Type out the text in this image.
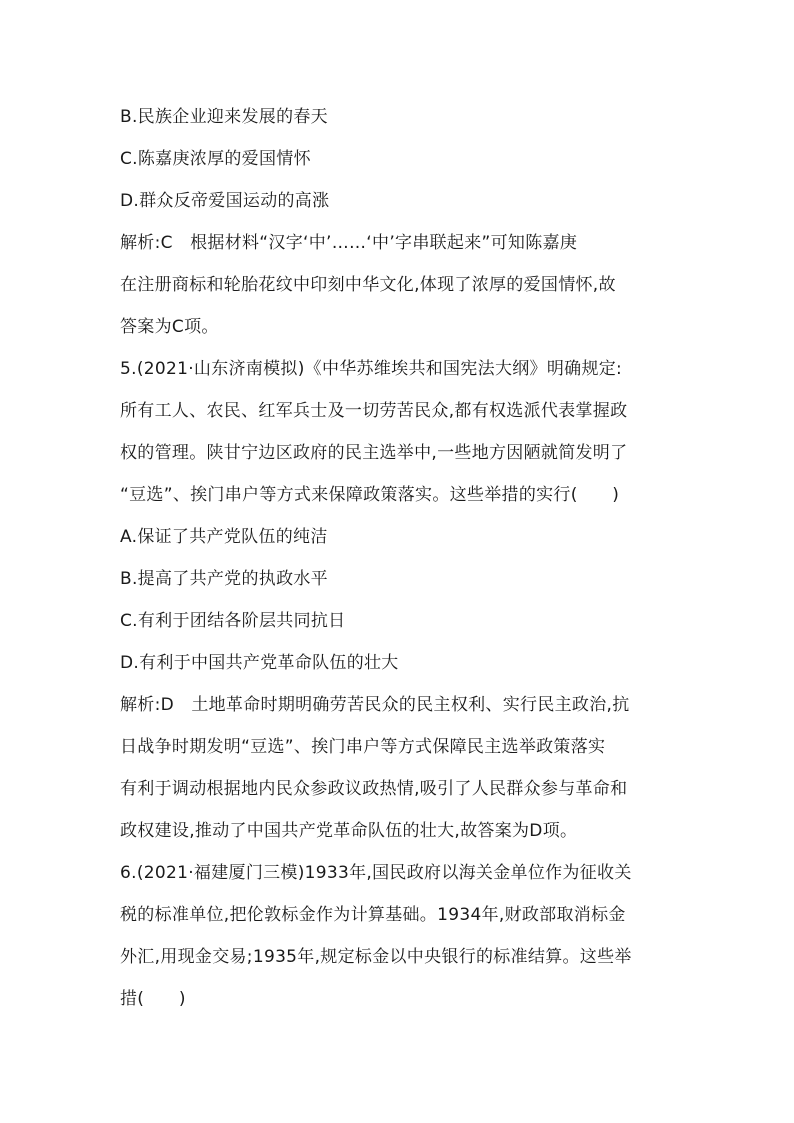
B.民族企业迎来发展的春天
C.陈嘉庚浓厚的爱国情怀
D.群众反帝爱国运动的高涨
解析:C　根据材料“汉字‘中’……‘中’字串联起来”可知陈嘉庚
在注册商标和轮胎花纹中印刻中华文化,体现了浓厚的爱国情怀,故
答案为C项。
5.(2021·山东济南模拟)《中华苏维埃共和国宪法大纲》明确规定:
所有工人、农民、红军兵士及一切劳苦民众,都有权选派代表掌握政
权的管理。陕甘宁边区政府的民主选举中,一些地方因陋就简发明了
“豆选”、挨门串户等方式来保障政策落实。这些举措的实行(　　)
A.保证了共产党队伍的纯洁
B.提高了共产党的执政水平
C.有利于团结各阶层共同抗日
D.有利于中国共产党革命队伍的壮大
解析:D　土地革命时期明确劳苦民众的民主权利、实行民主政治,抗
日战争时期发明“豆选”、挨门串户等方式保障民主选举政策落实
有利于调动根据地内民众参政议政热情,吸引了人民群众参与革命和
政权建设,推动了中国共产党革命队伍的壮大,故答案为D项。
6.(2021·福建厦门三模)1933年,国民政府以海关金单位作为征收关
税的标准单位,把伦敦标金作为计算基础。1934年,财政部取消标金
外汇,用现金交易;1935年,规定标金以中央银行的标准结算。这些举
措(　　)
